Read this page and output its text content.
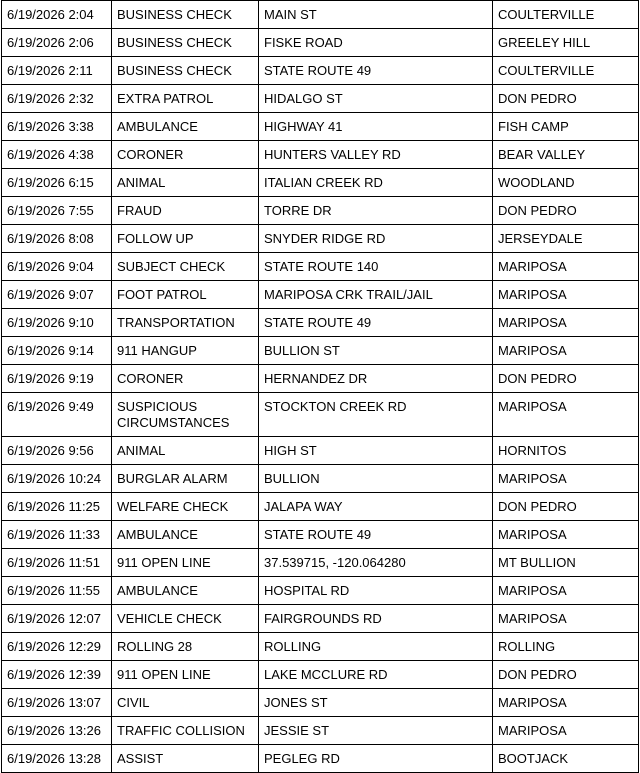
6/19/2026 2:04	BUSINESS CHECK	MAIN ST	COULTERVILLE
6/19/2026 2:06	BUSINESS CHECK	FISKE ROAD	GREELEY HILL
6/19/2026 2:11	BUSINESS CHECK	STATE ROUTE 49	COULTERVILLE
6/19/2026 2:32	EXTRA PATROL	HIDALGO ST	DON PEDRO
6/19/2026 3:38	AMBULANCE	HIGHWAY 41	FISH CAMP
6/19/2026 4:38	CORONER	HUNTERS VALLEY RD	BEAR VALLEY
6/19/2026 6:15	ANIMAL	ITALIAN CREEK RD	WOODLAND
6/19/2026 7:55	FRAUD	TORRE DR	DON PEDRO
6/19/2026 8:08	FOLLOW UP	SNYDER RIDGE RD	JERSEYDALE
6/19/2026 9:04	SUBJECT CHECK	STATE ROUTE 140	MARIPOSA
6/19/2026 9:07	FOOT PATROL	MARIPOSA CRK TRAIL/JAIL	MARIPOSA
6/19/2026 9:10	TRANSPORTATION	STATE ROUTE 49	MARIPOSA
6/19/2026 9:14	911 HANGUP	BULLION ST	MARIPOSA
6/19/2026 9:19	CORONER	HERNANDEZ DR	DON PEDRO
6/19/2026 9:49	SUSPICIOUS CIRCUMSTANCES	STOCKTON CREEK RD	MARIPOSA
6/19/2026 9:56	ANIMAL	HIGH ST	HORNITOS
6/19/2026 10:24	BURGLAR ALARM	BULLION	MARIPOSA
6/19/2026 11:25	WELFARE CHECK	JALAPA WAY	DON PEDRO
6/19/2026 11:33	AMBULANCE	STATE ROUTE 49	MARIPOSA
6/19/2026 11:51	911 OPEN LINE	37.539715, -120.064280	MT BULLION
6/19/2026 11:55	AMBULANCE	HOSPITAL RD	MARIPOSA
6/19/2026 12:07	VEHICLE CHECK	FAIRGROUNDS RD	MARIPOSA
6/19/2026 12:29	ROLLING 28	ROLLING	ROLLING
6/19/2026 12:39	911 OPEN LINE	LAKE MCCLURE RD	DON PEDRO
6/19/2026 13:07	CIVIL	JONES ST	MARIPOSA
6/19/2026 13:26	TRAFFIC COLLISION	JESSIE ST	MARIPOSA
6/19/2026 13:28	ASSIST	PEGLEG RD	BOOTJACK
